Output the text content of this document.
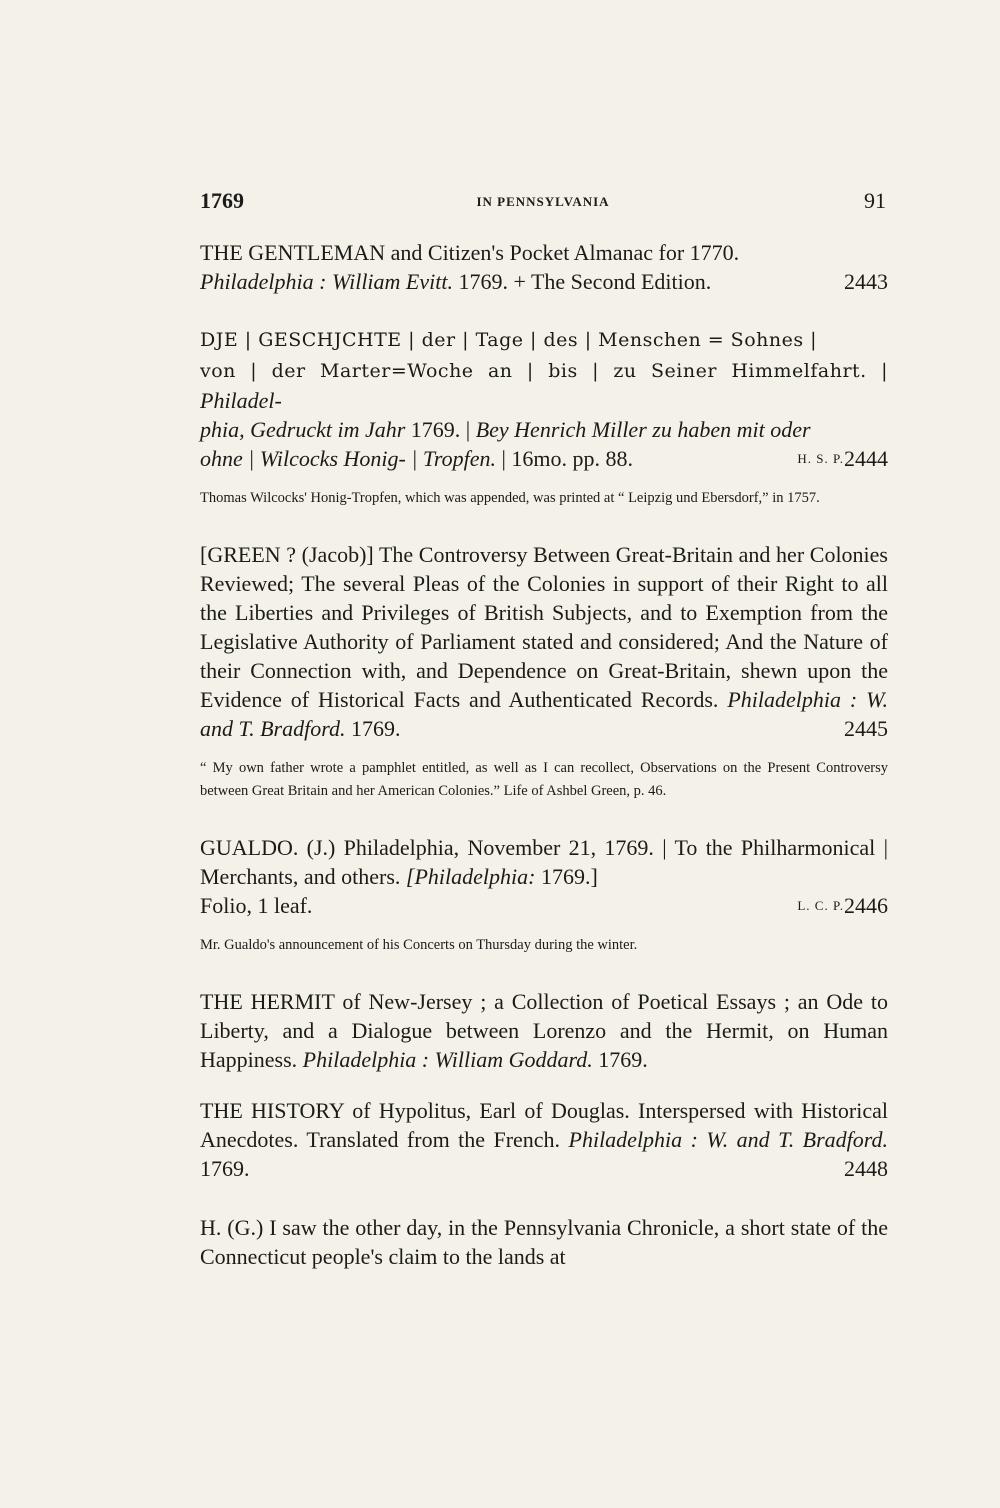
1769	IN PENNSYLVANIA	91
THE GENTLEMAN and Citizen's Pocket Almanac for 1770.
Philadelphia : William Evitt. 1769. + The Second Edition.	2443
DJE | GESCHJCHTE | der | Tage | des | Menschen = Sohnes |
von | der Marter=Woche an | bis | zu Seiner Himmelfahrt. | Philadel-
phia, Gedruckt im Jahr 1769. | Bey Henrich Miller zu haben mit oder
ohne | Wilcocks Honig- | Tropfen. | 16mo. pp. 88.	2444
H. S. P.
Thomas Wilcocks' Honig-Tropfen, which was appended, was printed at “ Leipzig und Ebersdorf,” in 1757.
[GREEN ? (Jacob)] The Controversy Between Great-Britain and her Colonies Reviewed; The several Pleas of the Colonies in support of their Right to all the Liberties and Privileges of British Subjects, and to Exemption from the Legislative Authority of Parliament stated and considered; And the Nature of their Connection with, and Dependence on Great-Britain, shewn upon the Evidence of Historical Facts and Authenticated Records. Philadelphia : W. and T. Bradford. 1769.	2445
“ My own father wrote a pamphlet entitled, as well as I can recollect, Observations on the Present Controversy between Great Britain and her American Colonies.” Life of Ashbel Green, p. 46.
GUALDO. (J.) Philadelphia, November 21, 1769. | To the Philharmonical | Merchants, and others. [Philadelphia: 1769.]
Folio, 1 leaf.	2446
L. C. P.
Mr. Gualdo's announcement of his Concerts on Thursday during the winter.
THE HERMIT of New-Jersey ; a Collection of Poetical Essays ; an Ode to Liberty, and a Dialogue between Lorenzo and the Hermit, on Human Happiness. Philadelphia : William Goddard. 1769.
THE HISTORY of Hypolitus, Earl of Douglas. Interspersed with Historical Anecdotes. Translated from the French. Philadelphia : W. and T. Bradford. 1769.	2448
H. (G.) I saw the other day, in the Pennsylvania Chronicle, a short state of the Connecticut people's claim to the lands at
